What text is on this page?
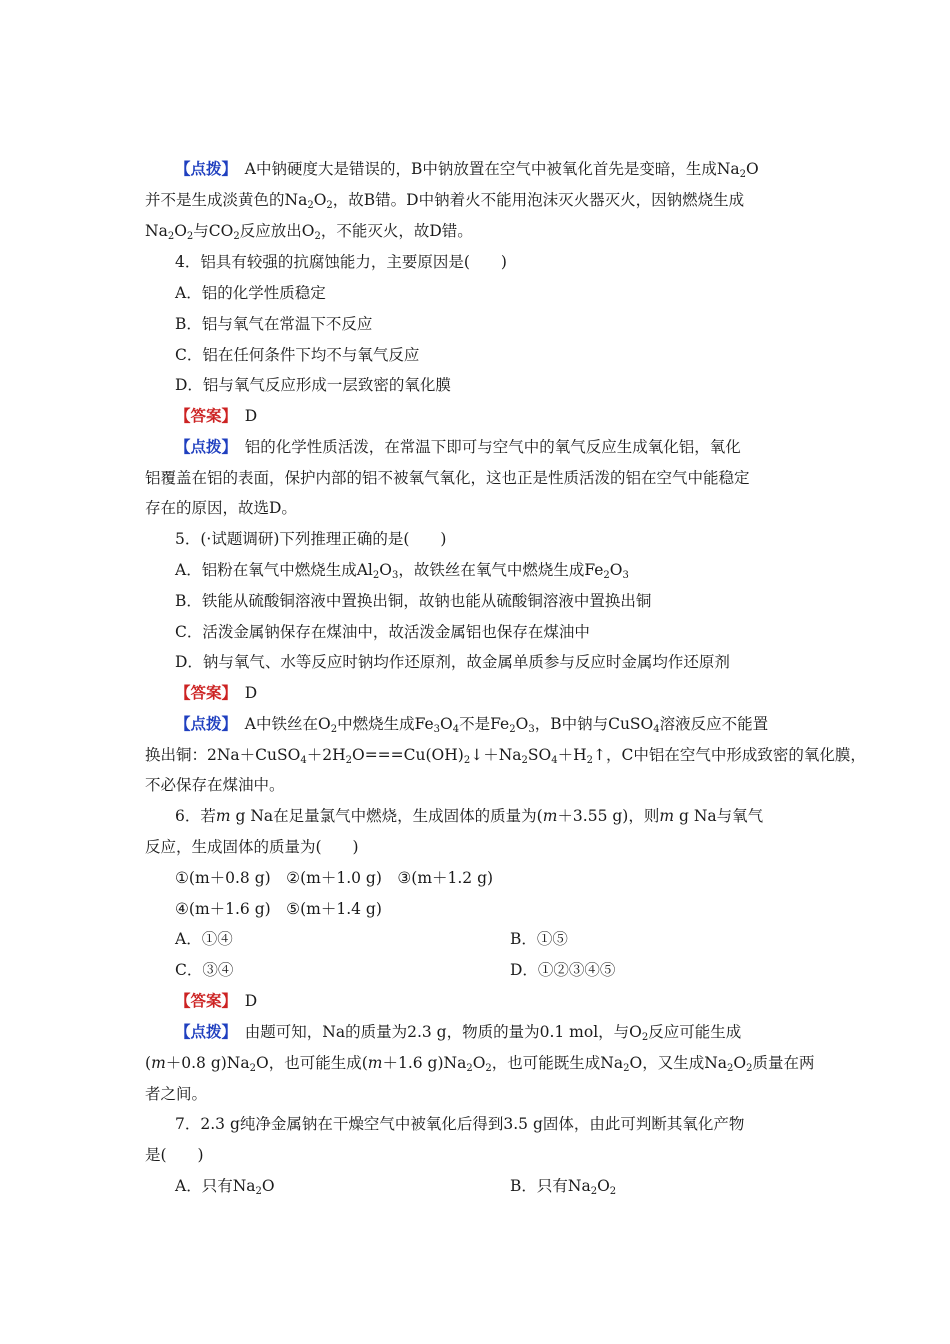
【点拨】　 A中钠硬度大是错误的，B中钠放置在空气中被氧化首先是变暗，生成$Na_2O$
并不是生成淡黄色的$Na_2O_2$，故B错。D中钠着火不能用泡沫灭火器灭火，因钠燃烧生成
$Na_2O_2$与$CO_2$反应放出$O_2$，不能灭火，故D错。
4．铝具有较强的抗腐蚀能力，主要原因是(　　)
A．铝的化学性质稳定
B．铝与氧气在常温下不反应
C．铝在任何条件下均不与氧气反应
D．铝与氧气反应形成一层致密的氧化膜
【答案】　 D
【点拨】　 铝的化学性质活泼，在常温下即可与空气中的氧气反应生成氧化铝，氧化
铝覆盖在铝的表面，保护内部的铝不被氧气氧化，这也正是性质活泼的铝在空气中能稳定
存在的原因，故选D。
5．(·试题调研)下列推理正确的是(　　)
A．铝粉在氧气中燃烧生成$Al_2O_3$，故铁丝在氧气中燃烧生成$Fe_2O_3$
B．铁能从硫酸铜溶液中置换出铜，故钠也能从硫酸铜溶液中置换出铜
C．活泼金属钠保存在煤油中，故活泼金属铝也保存在煤油中
D．钠与氧气、水等反应时钠均作还原剂，故金属单质参与反应时金属均作还原剂
【答案】　 D
【点拨】　 A中铁丝在$O_2$中燃烧生成$Fe_3O_4$不是$Fe_2O_3$，B中钠与CuSO$_4$溶液反应不能置
换出铜：$2Na+CuSO_4+2H_2O===Cu(OH)_2↓+Na_2SO_4+H_2↑$，C中铝在空气中形成致密的氧化膜，
不必保存在煤油中。
6．若m g Na在足量氯气中燃烧，生成固体的质量为(m＋3.55 g)，则m g Na与氧气
反应，生成固体的质量为(　　)
①(m＋0.8 g)　②(m＋1.0 g)　③(m＋1.2 g)
④(m＋1.6 g)　⑤(m＋1.4 g)
A．①④	B．①⑤
C．③④	D．①②③④⑤
【答案】　 D
【点拨】　 由题可知，Na的质量为2.3 g，物质的量为0.1 mol，与$O_2$反应可能生成
(m＋0.8 $g)Na_2O$，也可能生成(m＋1.6 $g)Na_2O_2$，也可能既生成$Na_2O$，又生成$Na_2O_2$质量在两
者之间。
7．2.3 g纯净金属钠在干燥空气中被氧化后得到3.5 g固体，由此可判断其氧化产物
是(　　)
A．只有$Na_2O$	B．只有$Na_2O_2$
